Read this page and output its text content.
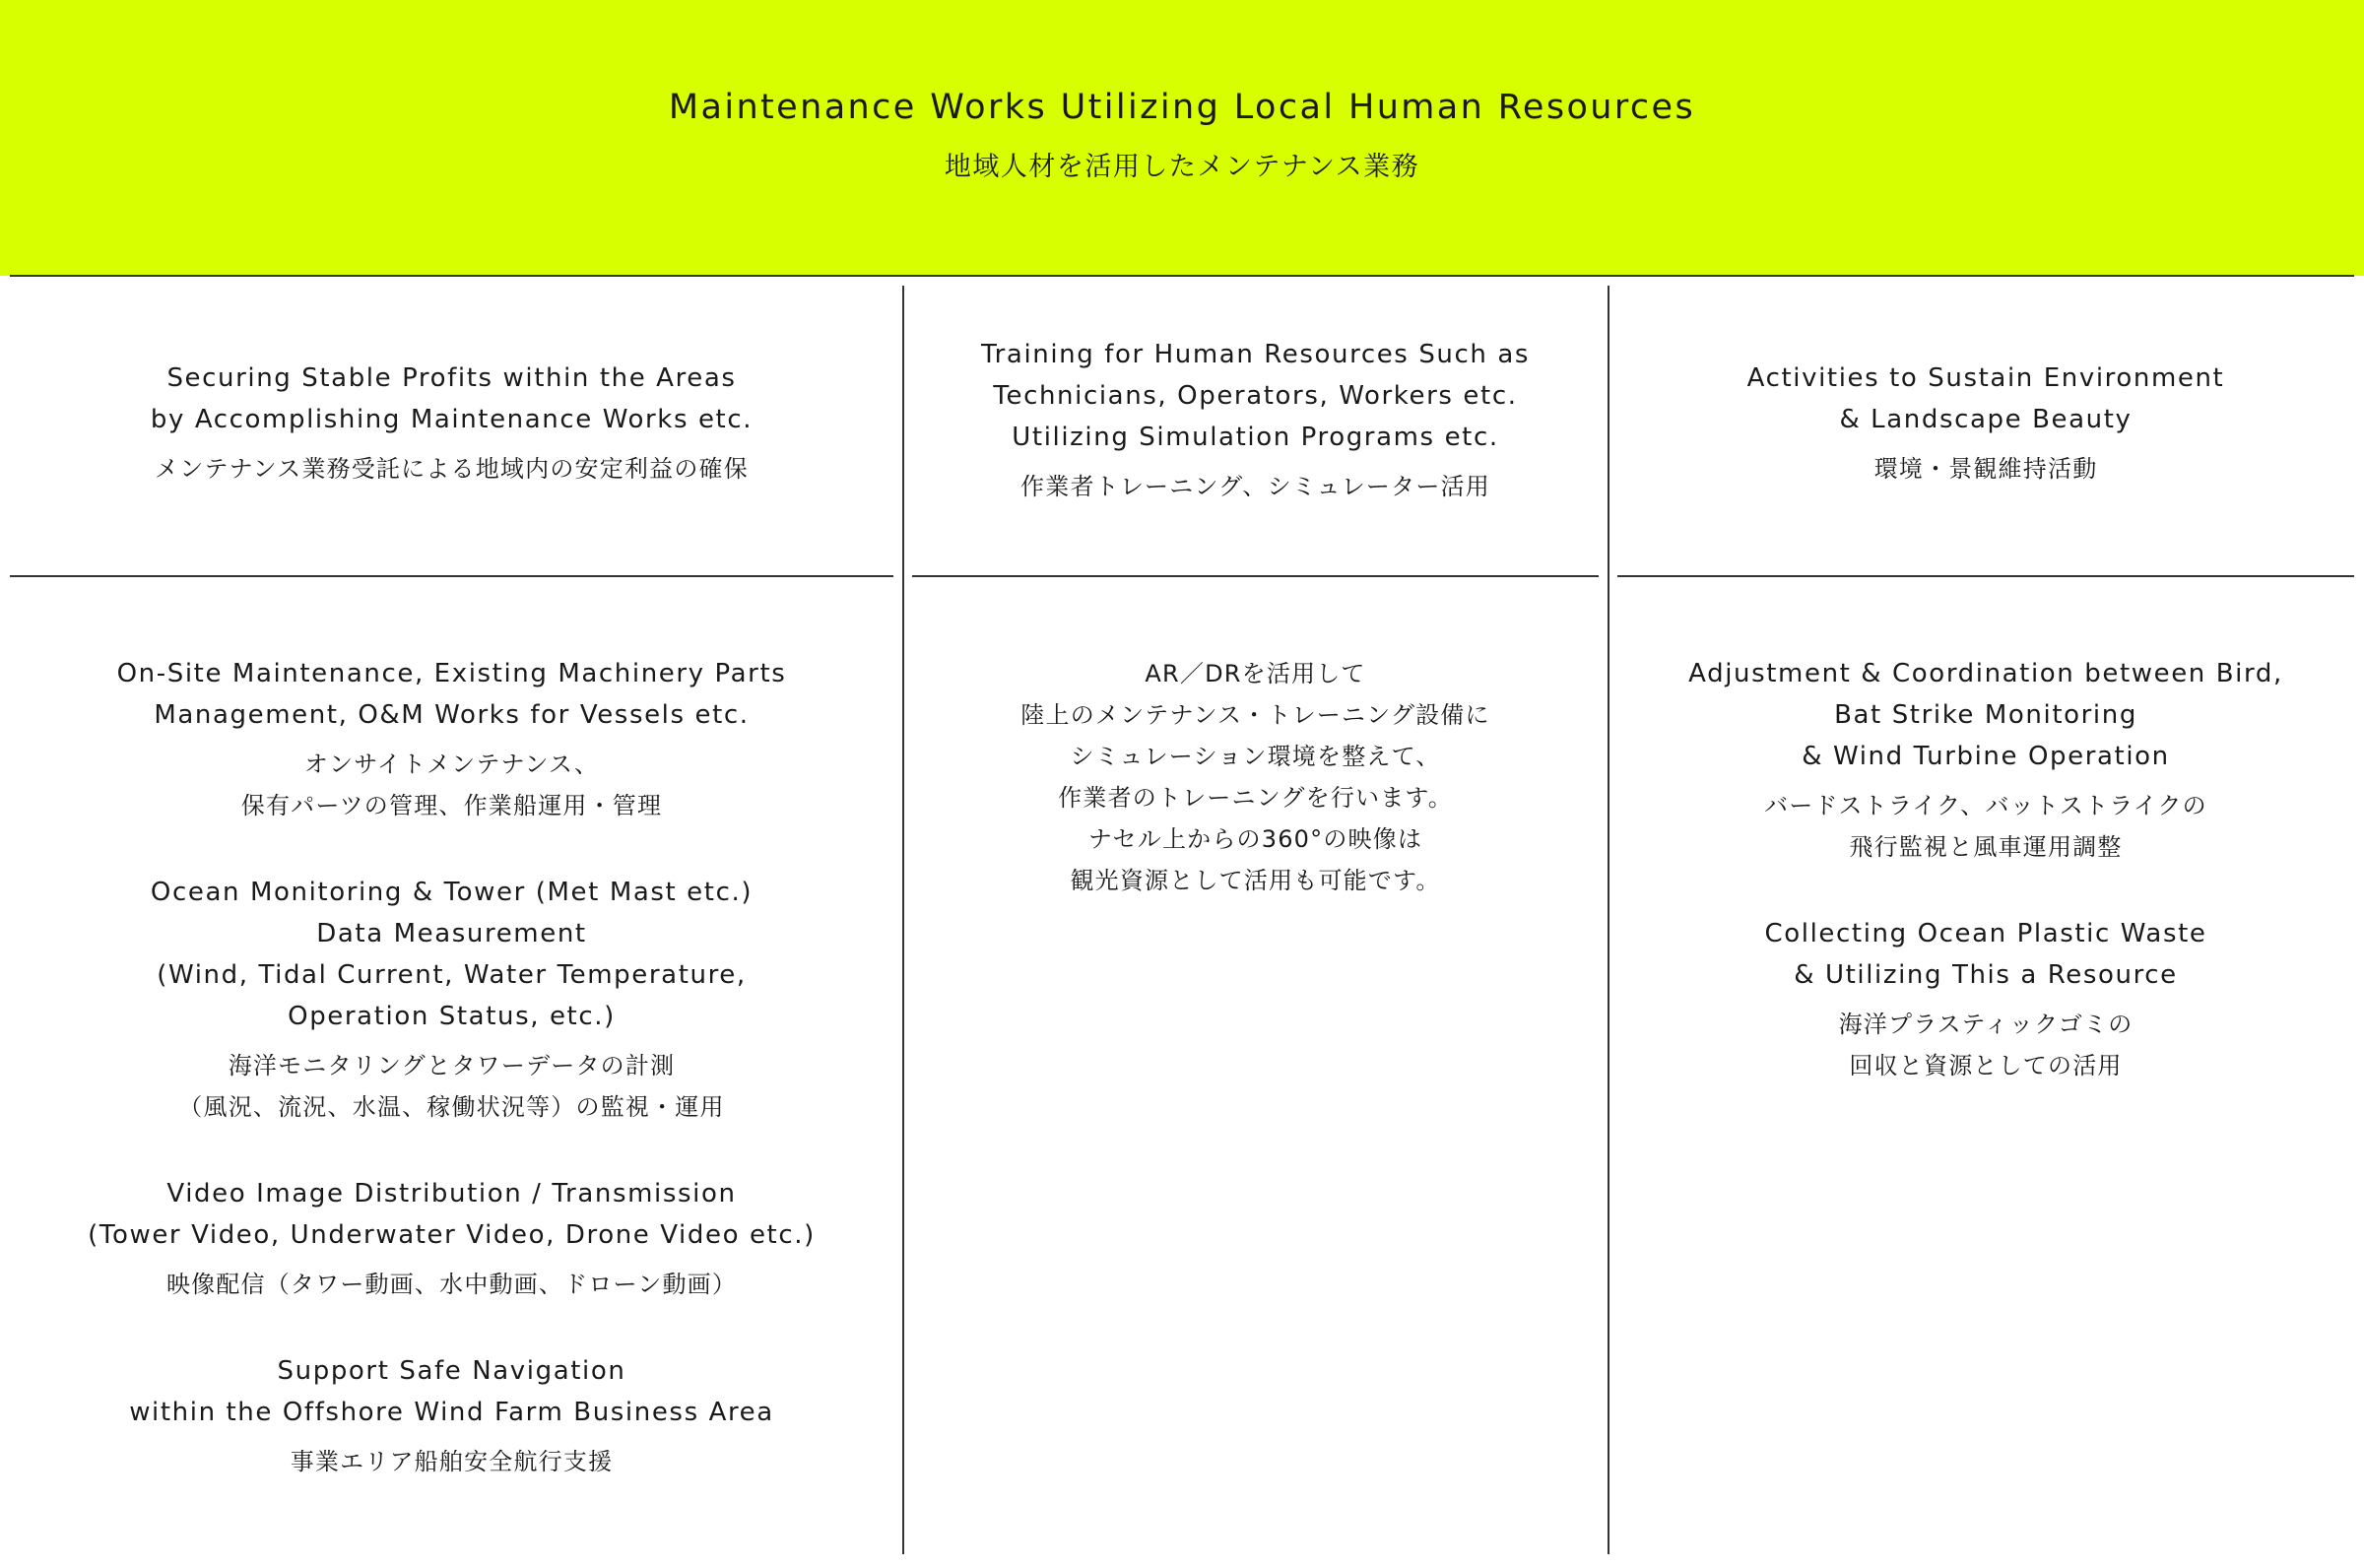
Maintenance Works Utilizing Local Human Resources
地域人材を活用したメンテナンス業務
Securing Stable Profits within the Areas
by Accomplishing Maintenance Works etc.
メンテナンス業務受託による地域内の安定利益の確保
Training for Human Resources Such as
Technicians, Operators, Workers etc.
Utilizing Simulation Programs etc.
作業者トレーニング、シミュレーター活用
Activities to Sustain Environment
& Landscape Beauty
環境・景観維持活動
On-Site Maintenance, Existing Machinery Parts
Management, O&M Works for Vessels etc.
オンサイトメンテナンス、
保有パーツの管理、作業船運用・管理
Ocean Monitoring & Tower (Met Mast etc.)
Data Measurement
(Wind, Tidal Current, Water Temperature,
Operation Status, etc.)
海洋モニタリングとタワーデータの計測
（風況、流況、水温、稼働状況等）の監視・運用
Video Image Distribution / Transmission
(Tower Video, Underwater Video, Drone Video etc.)
映像配信（タワー動画、水中動画、ドローン動画）
Support Safe Navigation
within the Offshore Wind Farm Business Area
事業エリア船舶安全航行支援
AR／DRを活用して
陸上のメンテナンス・トレーニング設備に
シミュレーション環境を整えて、
作業者のトレーニングを行います。
ナセル上からの360°の映像は
観光資源として活用も可能です。
Adjustment & Coordination between Bird,
Bat Strike Monitoring
& Wind Turbine Operation
バードストライク、バットストライクの
飛行監視と風車運用調整
Collecting Ocean Plastic Waste
& Utilizing This a Resource
海洋プラスティックゴミの
回収と資源としての活用
